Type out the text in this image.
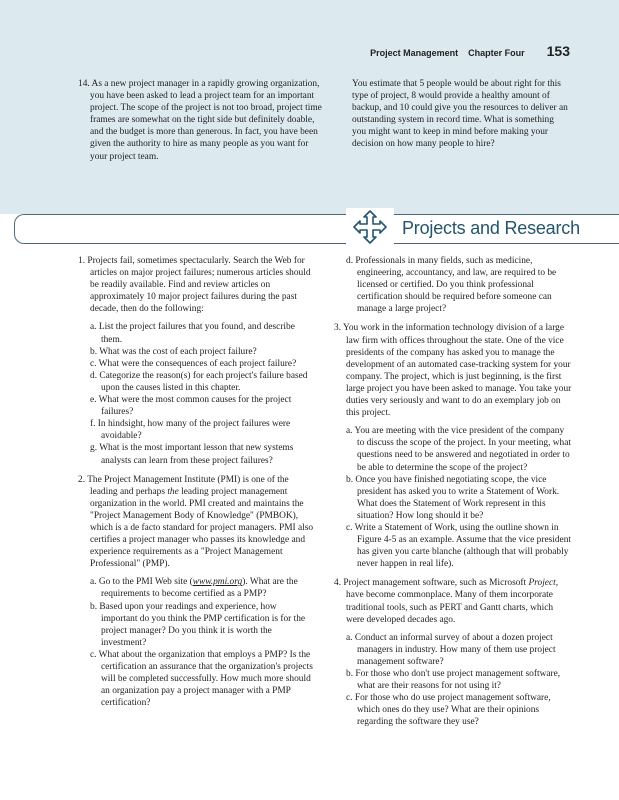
Project Management Chapter Four 153

14. As a new project manager in a rapidly growing organization, you have been asked to lead a project team for an important project. The scope of the project is not too broad, project time frames are somewhat on the tight side but definitely doable, and the budget is more than generous. In fact, you have been given the authority to hire as many people as you want for your project team.

You estimate that 5 people would be about right for this type of project, 8 would provide a healthy amount of backup, and 10 could give you the resources to deliver an outstanding system in record time. What is something you might want to keep in mind before making your decision on how many people to hire?

Projects and Research

1. Projects fail, sometimes spectacularly. Search the Web for articles on major project failures; numerous articles should be readily available. Find and review articles on approximately 10 major project failures during the past decade, then do the following:

a. List the project failures that you found, and describe them.

b. What was the cost of each project failure?

c. What were the consequences of each project failure?

d. Categorize the reason(s) for each project's failure based upon the causes listed in this chapter.

e. What were the most common causes for the project failures?

f. In hindsight, how many of the project failures were avoidable?

g. What is the most important lesson that new systems analysts can learn from these project failures?

2. The Project Management Institute (PMI) is one of the leading and perhaps the leading project management organization in the world. PMI created and maintains the "Project Management Body of Knowledge" (PMBOK), which is a de facto standard for project managers. PMI also certifies a project manager who passes its knowledge and experience requirements as a "Project Management Professional" (PMP).

a. Go to the PMI Web site (www.pmi.org). What are the requirements to become certified as a PMP?

b. Based upon your readings and experience, how important do you think the PMP certification is for the project manager? Do you think it is worth the investment?

c. What about the organization that employs a PMP? Is the certification an assurance that the organization's projects will be completed successfully. How much more should an organization pay a project manager with a PMP certification?

d. Professionals in many fields, such as medicine, engineering, accountancy, and law, are required to be licensed or certified. Do you think professional certification should be required before someone can manage a large project?

3. You work in the information technology division of a large law firm with offices throughout the state. One of the vice presidents of the company has asked you to manage the development of an automated case-tracking system for your company. The project, which is just beginning, is the first large project you have been asked to manage. You take your duties very seriously and want to do an exemplary job on this project.

a. You are meeting with the vice president of the company to discuss the scope of the project. In your meeting, what questions need to be answered and negotiated in order to be able to determine the scope of the project?

b. Once you have finished negotiating scope, the vice president has asked you to write a Statement of Work. What does the Statement of Work represent in this situation? How long should it be?

c. Write a Statement of Work, using the outline shown in Figure 4-5 as an example. Assume that the vice president has given you carte blanche (although that will probably never happen in real life).

4. Project management software, such as Microsoft Project, have become commonplace. Many of them incorporate traditional tools, such as PERT and Gantt charts, which were developed decades ago.

a. Conduct an informal survey of about a dozen project managers in industry. How many of them use project management software?

b. For those who don't use project management software, what are their reasons for not using it?

c. For those who do use project management software, which ones do they use? What are their opinions regarding the software they use?
